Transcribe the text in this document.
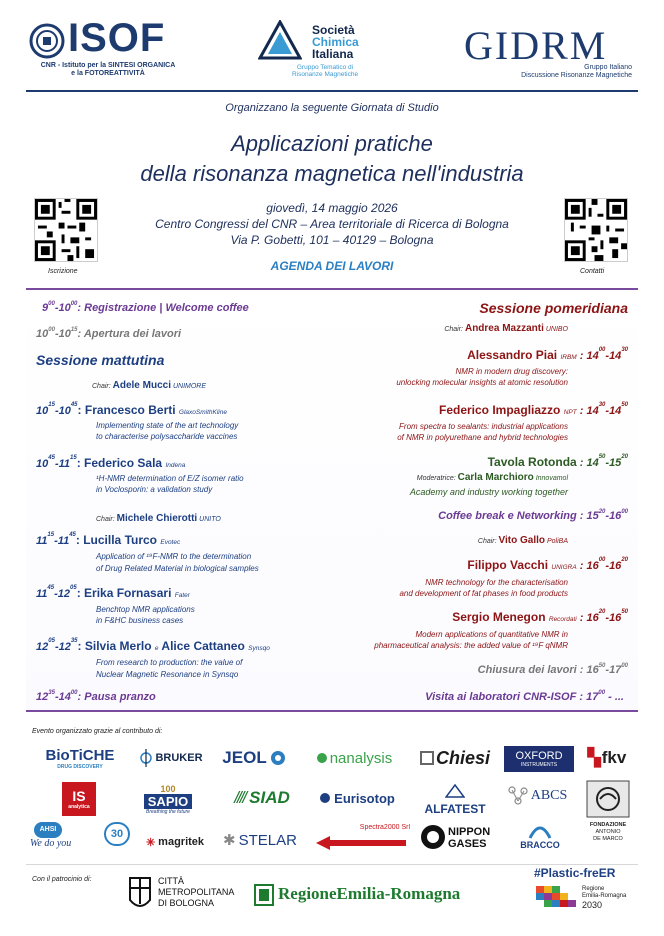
ISOF
CNR - Istituto per la SINTESI ORGANICA
e la FOTOREATTIVITÀ
Società
Chimica
Italiana
Gruppo Tematico di
Risonanze Magnetiche
GIDRM
Gruppo Italiano
Discussione Risonanze Magnetiche
Organizzano la seguente Giornata di Studio
Applicazioni pratiche
della risonanza magnetica nell'industria
giovedì, 14 maggio 2026
Centro Congressi del CNR – Area territoriale di Ricerca di Bologna
Via P. Gobetti, 101 – 40129 – Bologna
Iscrizione	Contatti
AGENDA DEI LAVORI
$9^{00}-10^{00}$: Registrazione | Welcome coffee
$10^{00}-10^{15}$: Apertura dei lavori
Sessione mattutina
Chair: Adele Mucci UNIMORE
$10^{15}-10^{45}$: Francesco Berti GlaxoSmithKline
Implementing state of the art technology
to characterise polysaccharide vaccines
$10^{45}-11^{15}$: Federico Sala Indena
¹H-NMR determination of E/Z isomer ratio
in Voclosporin: a validation study
Chair: Michele Chierotti UNITO
$11^{15}-11^{45}$: Lucilla Turco Evotec
Application of ¹⁹F-NMR to the determination
of Drug Related Material in biological samples
$11^{45}-12^{05}$: Erika Fornasari Fater
Benchtop NMR applications
in F&HC business cases
$12^{05}-12^{35}$: Silvia Merlo e Alice Cattaneo Synsqo
From research to production: the value of
Nuclear Magnetic Resonance in Synsqo
$12^{35}-14^{00}$: Pausa pranzo
Sessione pomeridiana
Chair: Andrea Mazzanti UNIBO
Alessandro Piai IRBM : $14^{00}-14^{30}$
NMR in modern drug discovery:
unlocking molecular insights at atomic resolution
Federico Impagliazzo NPT : $14^{30}-14^{50}$
From spectra to sealants: industrial applications
of NMR in polyurethane and hybrid technologies
Tavola Rotonda : $14^{50}-15^{20}$
Moderatrice: Carla Marchioro Innovamol
Academy and industry working together
Coffee break e Networking : $15^{20}-16^{00}$
Chair: Vito Gallo PoliBA
Filippo Vacchi UNIGRA : $16^{00}-16^{20}$
NMR technology for the characterisation
and development of fat phases in food products
Sergio Menegon Recordati : $16^{20}-16^{50}$
Modern applications of quantitative NMR in
pharmaceutical analysis: the added value of ¹⁹F qNMR
Chiusura dei lavori : $16^{50}-17^{00}$
Visita ai laboratori CNR-ISOF : $17^{00}$ - ...
Evento organizzato grazie al contributo di:
BioTiCHE
DRUG DISCOVERY
BRUKER JEOL	nanalysis Chiesi OXFORD
INSTRUMENTS ▚ fkv
IS
analytica
100
SAPIO
Breathing the future
//// SIAD	Eurisotop
ALFATEST
ABCS
FONDAZIONE
ANTONIO
DE MARCO
AHSI
We do you
30
✳ magritek ✱ STELAR
Spectra2000 Srl	NIPPON
GASES	BRACCO
Con il patrocinio di:	CITTÀ
METROPOLITANA
DI BOLOGNA	RegioneEmilia-Romagna
#Plastic-freER
Regione
Emilia-Romagna
2030
